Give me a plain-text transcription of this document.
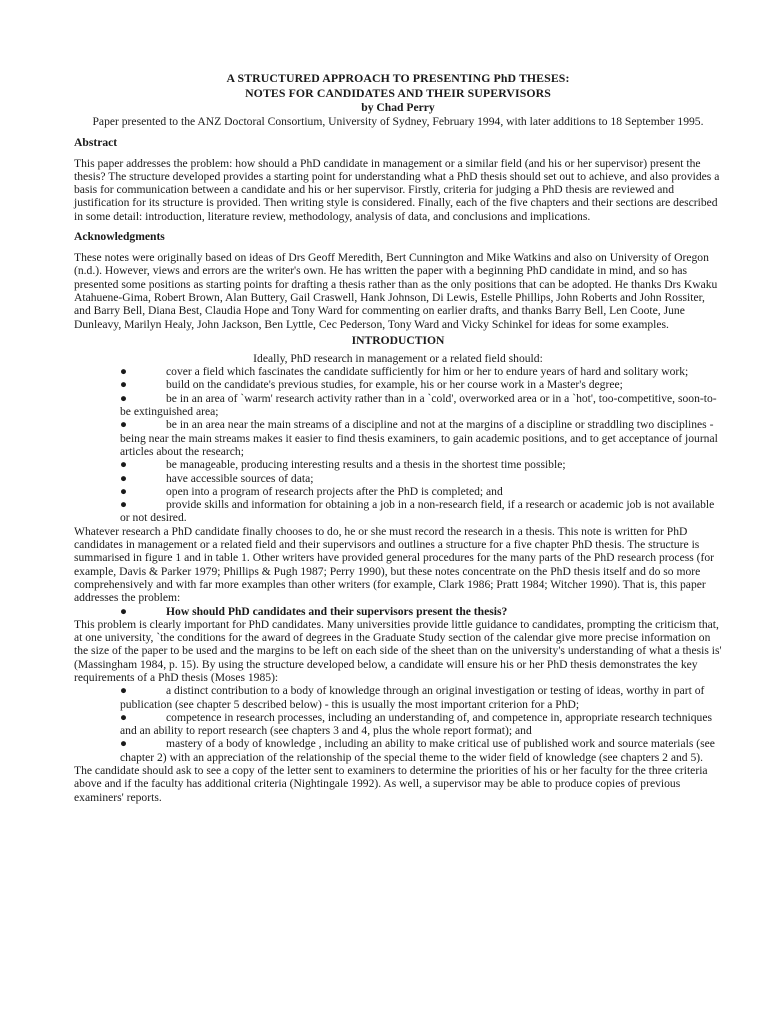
A STRUCTURED APPROACH TO PRESENTING PhD THESES:
NOTES FOR CANDIDATES AND THEIR SUPERVISORS
by Chad Perry
Paper presented to the ANZ Doctoral Consortium, University of Sydney, February 1994, with later additions to 18 September 1995.
Abstract

This paper addresses the problem: how should a PhD candidate in management or a similar field (and his or her supervisor) present the thesis? The structure developed provides a starting point for understanding what a PhD thesis should set out to achieve, and also provides a basis for communication between a candidate and his or her supervisor. Firstly, criteria for judging a PhD thesis are reviewed and justification for its structure is provided. Then writing style is considered. Finally, each of the five chapters and their sections are described in some detail: introduction, literature review, methodology, analysis of data, and conclusions and implications.

Acknowledgments

These notes were originally based on ideas of Drs Geoff Meredith, Bert Cunnington and Mike Watkins and also on University of Oregon (n.d.). However, views and errors are the writer's own. He has written the paper with a beginning PhD candidate in mind, and so has presented some positions as starting points for drafting a thesis rather than as the only positions that can be adopted. He thanks Drs Kwaku Atahuene-Gima, Robert Brown, Alan Buttery, Gail Craswell, Hank Johnson, Di Lewis, Estelle Phillips, John Roberts and John Rossiter, and Barry Bell, Diana Best, Claudia Hope and Tony Ward for commenting on earlier drafts, and thanks Barry Bell, Len Coote, June Dunleavy, Marilyn Healy, John Jackson, Ben Lyttle, Cec Pederson, Tony Ward and Vicky Schinkel for ideas for some examples.

INTRODUCTION

Ideally, PhD research in management or a related field should:

●	cover a field which fascinates the candidate sufficiently for him or her to endure years of hard and solitary work;
●	build on the candidate's previous studies, for example, his or her course work in a Master's degree;
●	be in an area of `warm' research activity rather than in a `cold', overworked area or in a `hot', too-competitive, soon-to-be extinguished area;
●	be in an area near the main streams of a discipline and not at the margins of a discipline or straddling two disciplines - being near the main streams makes it easier to find thesis examiners, to gain academic positions, and to get acceptance of journal articles about the research;
●	be manageable, producing interesting results and a thesis in the shortest time possible;
●	have accessible sources of data;
●	open into a program of research projects after the PhD is completed; and
●	provide skills and information for obtaining a job in a non-research field, if a research or academic job is not available or not desired.

Whatever research a PhD candidate finally chooses to do, he or she must record the research in a thesis. This note is written for PhD candidates in management or a related field and their supervisors and outlines a structure for a five chapter PhD thesis. The structure is summarised in figure 1 and in table 1. Other writers have provided general procedures for the many parts of the PhD research process (for example, Davis & Parker 1979; Phillips & Pugh 1987; Perry 1990), but these notes concentrate on the PhD thesis itself and do so more comprehensively and with far more examples than other writers (for example, Clark 1986; Pratt 1984; Witcher 1990). That is, this paper addresses the problem:

●	How should PhD candidates and their supervisors present the thesis?

This problem is clearly important for PhD candidates. Many universities provide little guidance to candidates, prompting the criticism that, at one university, `the conditions for the award of degrees in the Graduate Study section of the calendar give more precise information on the size of the paper to be used and the margins to be left on each side of the sheet than on the university's understanding of what a thesis is' (Massingham 1984, p. 15). By using the structure developed below, a candidate will ensure his or her PhD thesis demonstrates the key requirements of a PhD thesis (Moses 1985):

●	a distinct contribution to a body of knowledge through an original investigation or testing of ideas, worthy in part of publication (see chapter 5 described below) - this is usually the most important criterion for a PhD;
●	competence in research processes, including an understanding of, and competence in, appropriate research techniques and an ability to report research (see chapters 3 and 4, plus the whole report format); and
●	mastery of a body of knowledge , including an ability to make critical use of published work and source materials (see chapter 2) with an appreciation of the relationship of the special theme to the wider field of knowledge (see chapters 2 and 5).

The candidate should ask to see a copy of the letter sent to examiners to determine the priorities of his or her faculty for the three criteria above and if the faculty has additional criteria (Nightingale 1992). As well, a supervisor may be able to produce copies of previous examiners' reports.
